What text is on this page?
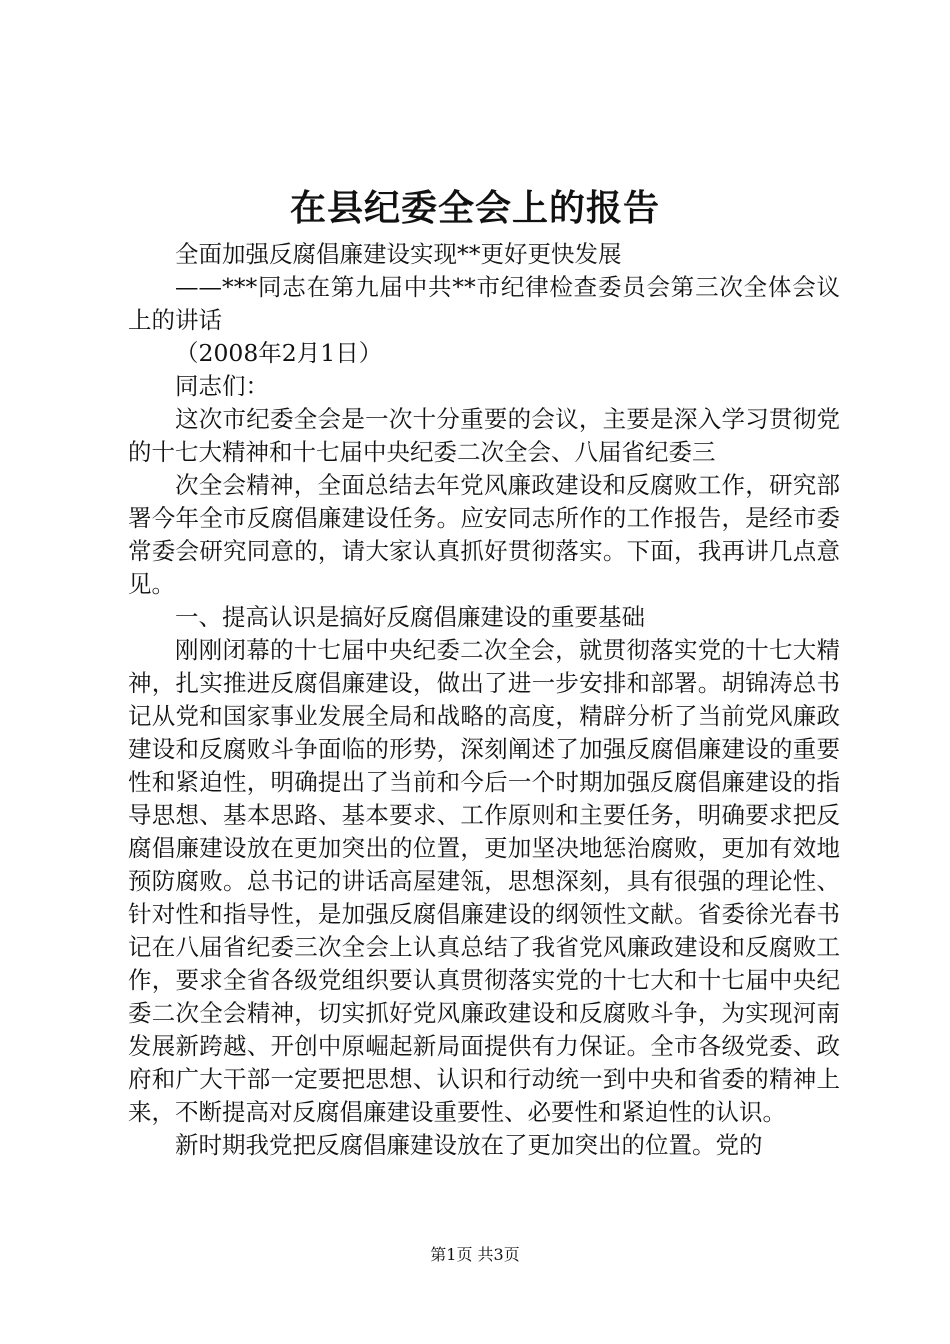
在县纪委全会上的报告

全面加强反腐倡廉建设实现**更好更快发展

——***同志在第九届中共**市纪律检查委员会第三次全体会议上的讲话

（2008年2月1日）

同志们：

这次市纪委全会是一次十分重要的会议，主要是深入学习贯彻党的十七大精神和十七届中央纪委二次全会、八届省纪委三

次全会精神，全面总结去年党风廉政建设和反腐败工作，研究部署今年全市反腐倡廉建设任务。应安同志所作的工作报告，是经市委常委会研究同意的，请大家认真抓好贯彻落实。下面，我再讲几点意见。

一、提高认识是搞好反腐倡廉建设的重要基础

刚刚闭幕的十七届中央纪委二次全会，就贯彻落实党的十七大精神，扎实推进反腐倡廉建设，做出了进一步安排和部署。胡锦涛总书记从党和国家事业发展全局和战略的高度，精辟分析了当前党风廉政建设和反腐败斗争面临的形势，深刻阐述了加强反腐倡廉建设的重要性和紧迫性，明确提出了当前和今后一个时期加强反腐倡廉建设的指导思想、基本思路、基本要求、工作原则和主要任务，明确要求把反腐倡廉建设放在更加突出的位置，更加坚决地惩治腐败，更加有效地预防腐败。总书记的讲话高屋建瓴，思想深刻，具有很强的理论性、针对性和指导性，是加强反腐倡廉建设的纲领性文献。省委徐光春书记在八届省纪委三次全会上认真总结了我省党风廉政建设和反腐败工作，要求全省各级党组织要认真贯彻落实党的十七大和十七届中央纪委二次全会精神，切实抓好党风廉政建设和反腐败斗争，为实现河南发展新跨越、开创中原崛起新局面提供有力保证。全市各级党委、政府和广大干部一定要把思想、认识和行动统一到中央和省委的精神上来，不断提高对反腐倡廉建设重要性、必要性和紧迫性的认识。

新时期我党把反腐倡廉建设放在了更加突出的位置。党的

第1页 共3页
